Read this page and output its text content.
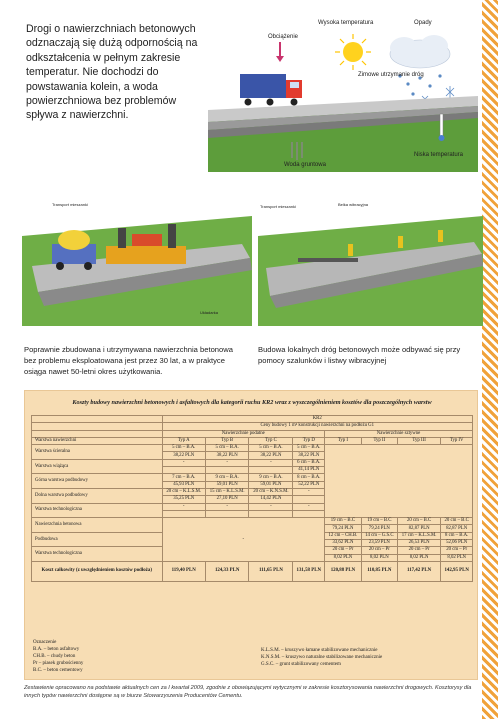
Drogi o nawierzchniach betonowych odznaczają się dużą odpornością na odkształcenia w pełnym zakresie temperatur. Nie dochodzi do powstawania kolein, a woda powierzchniowa bez problemów spływa z nawierzchni.

Obciążenie
Wysoka temperatura	Opady
Zimowe utrzymanie dróg
Woda gruntowa
Niska temperatura
Transport mieszanki
Układarka
Transport mieszanki	Belka wibracyjna

Poprawnie zbudowana i utrzymywana nawierzchnia betonowa bez problemu eksploatowana jest przez 30 lat, a w praktyce osiąga nawet 50-letni okres użytkowania.

Budowa lokalnych dróg betonowych może odbywać się przy pomocy szalunków i listwy wibracyjnej

Koszty budowy nawierzchni betonowych i asfaltowych dla kategorii ruchu KR2 wraz z wyszczególnieniem kosztów dla poszczególnych warstw
	KR2							
	Ceny budowy 1 m² konstrukcji nawierzchni na podłożu G1							
	Nawierzchnie podatne				Nawierzchnie sztywne			
Warstwa nawierzchni	Typ A	Typ B	Typ C	Typ D	Typ I	Typ II	Typ III	Typ IV
Warstwa ścieralna	5 cm – B.A.	5 cm – B.A.	5 cm – B.A.	5 cm – B.A.				
	38,22 PLN	38,22 PLN	38,22 PLN	38,22 PLN				
Warstwa wiążąca	-	-	-	6 cm – B.A.				
				41,14 PLN				
Górna warstwa podbudowy	7 cm – B.A.	9 cm – B.A.	9 cm – B.A.	8 cm – B.A.				
	45,93 PLN	59,01 PLN	59,01 PLN	52,22 PLN				
Dolna warstwa podbudowy	20 cm – K.L.S.M.	15 cm – K.L.S.M.	20 cm – K.N.S.M.	-				
	35,25 PLN	27,10 PLN	14,42 PLN					
Warstwa technologiczna	-	-	-	-				

Nawierzchnia betonowa	-				19 cm – B.C	19 cm – B.C	20 cm – B.C	20 cm – B.C
					79,24 PLN	79,24 PLN	82,87 PLN	82,87 PLN
Podbudowa					12 cm – CH.B.	14 cm – G.S.C	17 cm – K.L.S.M.	8 cm – B.A.
					33,62 PLN	23,59 PLN	26,53 PLN	52,06 PLN
Warstwa technologiczna					20 cm – Pr	20 cm – Pr	20 cm – Pr	20 cm – Pr
					8,02 PLN	8,02 PLN	8,02 PLN	8,02 PLN
Koszt całkowity (z uwzględnieniem kosztów podłoża)	119,40 PLN	124,33 PLN	111,65 PLN	131,58 PLN	120,88 PLN	110,85 PLN	117,42 PLN	142,95 PLN
Oznaczenie
B.A. – beton asfaltowy
CH.B. – chudy beton
Pr – piasek grubościenny
B.C. – beton cementowy
K.L.S.M. – kruszywo łamane stabilizowane mechanicznie
K.N.S.M. – kruszywo naturalne stabilizowane mechanicznie
G.S.C. – grunt stabilizowany cementem

Zestawienie opracowano na podstawie aktualnych cen za I kwartał 2009, zgodnie z obowiązującymi wytycznymi w zakresie kosztorysowania nawierzchni drogowych. Kosztorysy dla innych typów nawierzchni dostępne są w biurze Stowarzyszenia Producentów Cementu.
